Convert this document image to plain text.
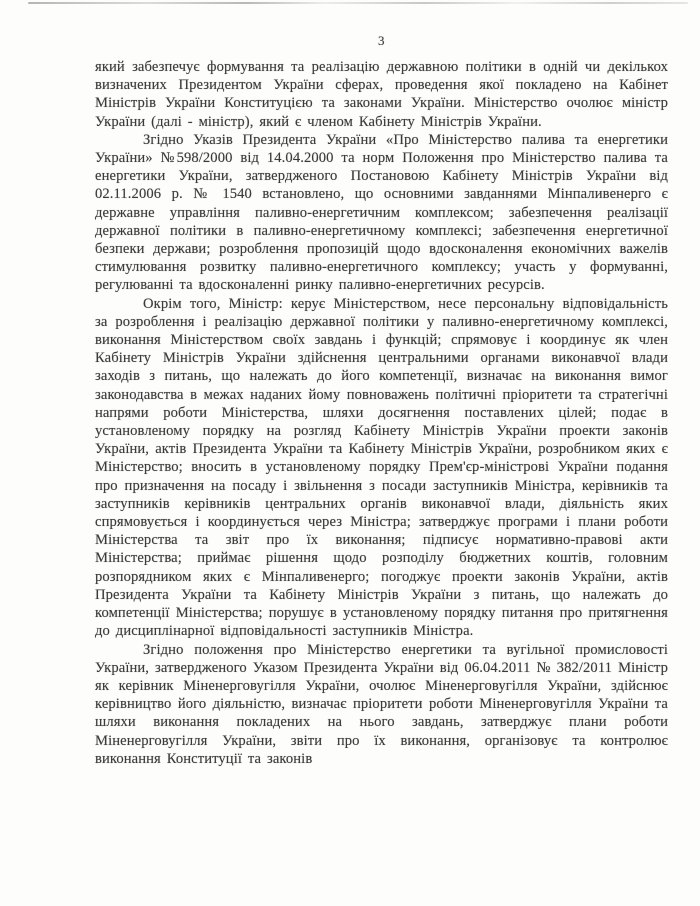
3

який забезпечує формування та реалізацію державною політики в одній чи декількох визначених Президентом України сферах, проведення якої покладено на Кабінет Міністрів України Конституцією та законами України. Міністерство очолює міністр України (далі - міністр), який є членом Кабінету Міністрів України.

Згідно Указів Президента України «Про Міністерство палива та енергетики України» №598/2000 від 14.04.2000 та норм Положення про Міністерство палива та енергетики України, затвердженого Постановою Кабінету Міністрів України від 02.11.2006 р. № 1540 встановлено, що основними завданнями Мінпаливенерго є державне управління паливно-енергетичним комплексом; забезпечення реалізації державної політики в паливно-енергетичному комплексі; забезпечення енергетичної безпеки держави; розроблення пропозицій щодо вдосконалення економічних важелів стимулювання розвитку паливно-енергетичного комплексу; участь у формуванні, регулюванні та вдосконаленні ринку паливно-енергетичних ресурсів.

Окрім того, Міністр: керує Міністерством, несе персональну відповідальність за розроблення і реалізацію державної політики у паливно-енергетичному комплексі, виконання Міністерством своїх завдань і функцій; спрямовує і координує як член Кабінету Міністрів України здійснення центральними органами виконавчої влади заходів з питань, що належать до його компетенції, визначає на виконання вимог законодавства в межах наданих йому повноважень політичні пріоритети та стратегічні напрями роботи Міністерства, шляхи досягнення поставлених цілей; подає в установленому порядку на розгляд Кабінету Міністрів України проекти законів України, актів Президента України та Кабінету Міністрів України, розробником яких є Міністерство; вносить в установленому порядку Прем'єр-міністрові України подання про призначення на посаду і звільнення з посади заступників Міністра, керівників та заступників керівників центральних органів виконавчої влади, діяльність яких спрямовується і координується через Міністра; затверджує програми і плани роботи Міністерства та звіт про їх виконання; підписує нормативно-правові акти Міністерства; приймає рішення щодо розподілу бюджетних коштів, головним розпорядником яких є Мінпаливенерго; погоджує проекти законів України, актів Президента України та Кабінету Міністрів України з питань, що належать до компетенції Міністерства; порушує в установленому порядку питання про притягнення до дисциплінарної відповідальності заступників Міністра.

Згідно положення про Міністерство енергетики та вугільної промисловості України, затвердженого Указом Президента України від 06.04.2011 № 382/2011 Міністр як керівник Міненерговугілля України, очолює Міненерговугілля України, здійснює керівництво його діяльністю, визначає пріоритети роботи Міненерговугілля України та шляхи виконання покладених на нього завдань, затверджує плани роботи Міненерговугілля України, звіти про їх виконання, організовує та контролює виконання Конституції та законів
